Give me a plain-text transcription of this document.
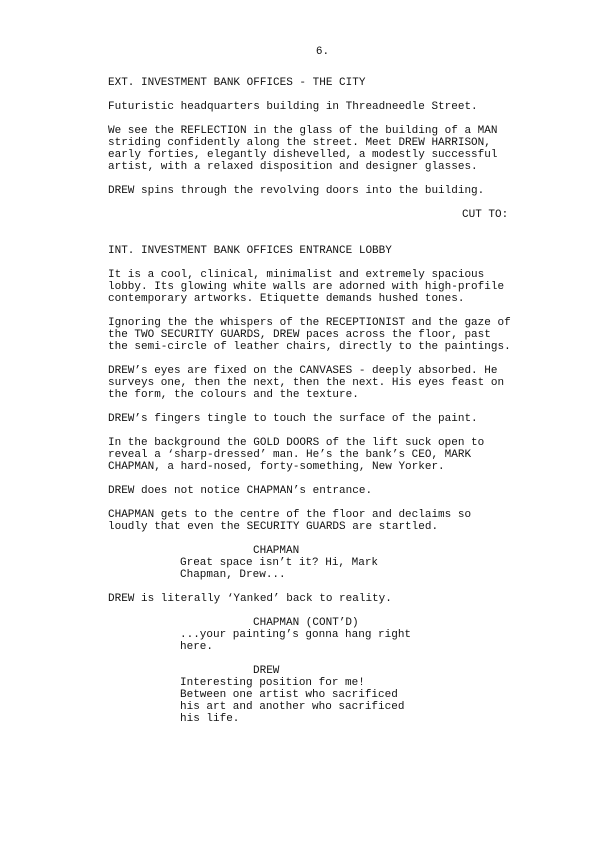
6.
EXT. INVESTMENT BANK OFFICES - THE CITY
Futuristic headquarters building in Threadneedle Street.
We see the REFLECTION in the glass of the building of a MAN
striding confidently along the street. Meet DREW HARRISON,
early forties, elegantly dishevelled, a modestly successful
artist, with a relaxed disposition and designer glasses.
DREW spins through the revolving doors into the building.
CUT TO:
INT. INVESTMENT BANK OFFICES ENTRANCE LOBBY
It is a cool, clinical, minimalist and extremely spacious
lobby. Its glowing white walls are adorned with high-profile
contemporary artworks. Etiquette demands hushed tones.
Ignoring the the whispers of the RECEPTIONIST and the gaze of
the TWO SECURITY GUARDS, DREW paces across the floor, past
the semi-circle of leather chairs, directly to the paintings.
DREW’s eyes are fixed on the CANVASES - deeply absorbed. He
surveys one, then the next, then the next. His eyes feast on
the form, the colours and the texture.
DREW’s fingers tingle to touch the surface of the paint.
In the background the GOLD DOORS of the lift suck open to
reveal a ‘sharp-dressed’ man. He’s the bank’s CEO, MARK
CHAPMAN, a hard-nosed, forty-something, New Yorker.
DREW does not notice CHAPMAN’s entrance.
CHAPMAN gets to the centre of the floor and declaims so
loudly that even the SECURITY GUARDS are startled.
CHAPMAN
Great space isn’t it? Hi, Mark
Chapman, Drew...
DREW is literally ‘Yanked’ back to reality.
CHAPMAN (CONT’D)
...your painting’s gonna hang right
here.
DREW
Interesting position for me!
Between one artist who sacrificed
his art and another who sacrificed
his life.
